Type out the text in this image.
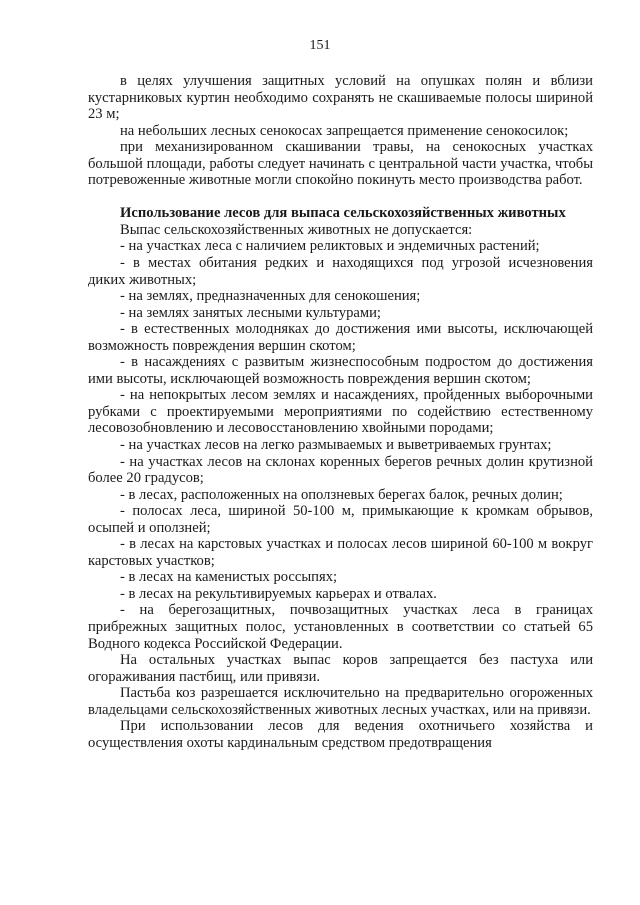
151

в целях улучшения защитных условий на опушках полян и вблизи кустарниковых куртин необходимо сохранять не скашиваемые полосы шириной 23 м;

на небольших лесных сенокосах запрещается применение сенокосилок;

при механизированном скашивании травы, на сенокосных участках большой площади, работы следует начинать с центральной части участка, чтобы потревоженные животные могли спокойно покинуть место производства работ.

Использование лесов для выпаса сельскохозяйственных животных

Выпас сельскохозяйственных животных не допускается:

- на участках леса с наличием реликтовых и эндемичных растений;

- в местах обитания редких и находящихся под угрозой исчезновения диких животных;

- на землях, предназначенных для сенокошения;

- на землях занятых лесными культурами;

- в естественных молодняках до достижения ими высоты, исключающей возможность повреждения вершин скотом;

- в насаждениях с развитым жизнеспособным подростом до достижения ими высоты, исключающей возможность повреждения вершин скотом;

- на непокрытых лесом землях и насаждениях, пройденных выборочными рубками с проектируемыми мероприятиями по содействию естественному лесовозобновлению и лесовосстановлению хвойными породами;

- на участках лесов на легко размываемых и выветриваемых грунтах;

- на участках лесов на склонах коренных берегов речных долин крутизной более 20 градусов;

- в лесах, расположенных на оползневых берегах балок, речных долин;

- полосах леса, шириной 50-100 м, примыкающие к кромкам обрывов, осыпей и оползней;

- в лесах на карстовых участках и полосах лесов шириной 60-100 м вокруг карстовых участков;

- в лесах на каменистых россыпях;

- в лесах на рекультивируемых карьерах и отвалах.

- на берегозащитных, почвозащитных участках леса в границах прибрежных защитных полос, установленных в соответствии со статьей 65 Водного кодекса Российской Федерации.

На остальных участках выпас коров запрещается без пастуха или огораживания пастбищ, или привязи.

Пастьба коз разрешается исключительно на предварительно огороженных владельцами сельскохозяйственных животных лесных участках, или на привязи.

При использовании лесов для ведения охотничьего хозяйства и осуществления охоты кардинальным средством предотвращения
